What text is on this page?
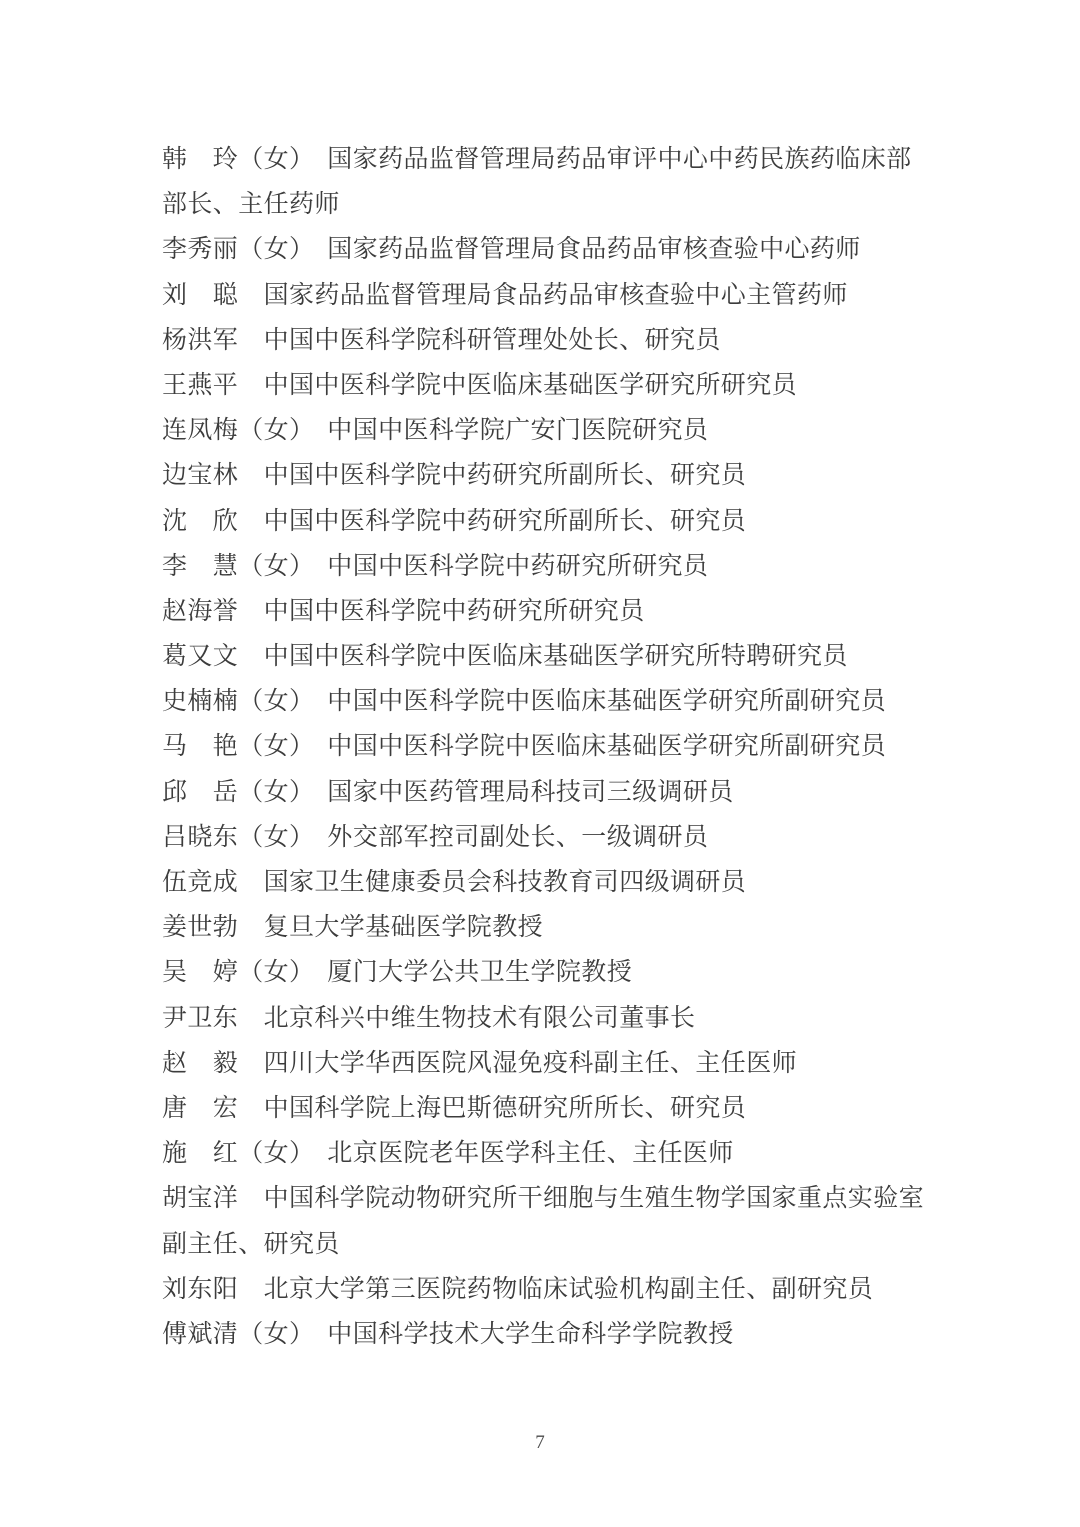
韩　玲（女）　国家药品监督管理局药品审评中心中药民族药临床部
部长、主任药师
李秀丽（女）　国家药品监督管理局食品药品审核查验中心药师
刘　聪　国家药品监督管理局食品药品审核查验中心主管药师
杨洪军　中国中医科学院科研管理处处长、研究员
王燕平　中国中医科学院中医临床基础医学研究所研究员
连凤梅（女）　中国中医科学院广安门医院研究员
边宝林　中国中医科学院中药研究所副所长、研究员
沈　欣　中国中医科学院中药研究所副所长、研究员
李　慧（女）　中国中医科学院中药研究所研究员
赵海誉　中国中医科学院中药研究所研究员
葛又文　中国中医科学院中医临床基础医学研究所特聘研究员
史楠楠（女）　中国中医科学院中医临床基础医学研究所副研究员
马　艳（女）　中国中医科学院中医临床基础医学研究所副研究员
邱　岳（女）　国家中医药管理局科技司三级调研员
吕晓东（女）　外交部军控司副处长、一级调研员
伍竞成　国家卫生健康委员会科技教育司四级调研员
姜世勃　复旦大学基础医学院教授
吴　婷（女）　厦门大学公共卫生学院教授
尹卫东　北京科兴中维生物技术有限公司董事长
赵　毅　四川大学华西医院风湿免疫科副主任、主任医师
唐　宏　中国科学院上海巴斯德研究所所长、研究员
施　红（女）　北京医院老年医学科主任、主任医师
胡宝洋　中国科学院动物研究所干细胞与生殖生物学国家重点实验室
副主任、研究员
刘东阳　北京大学第三医院药物临床试验机构副主任、副研究员
傅斌清（女）　中国科学技术大学生命科学学院教授
7
